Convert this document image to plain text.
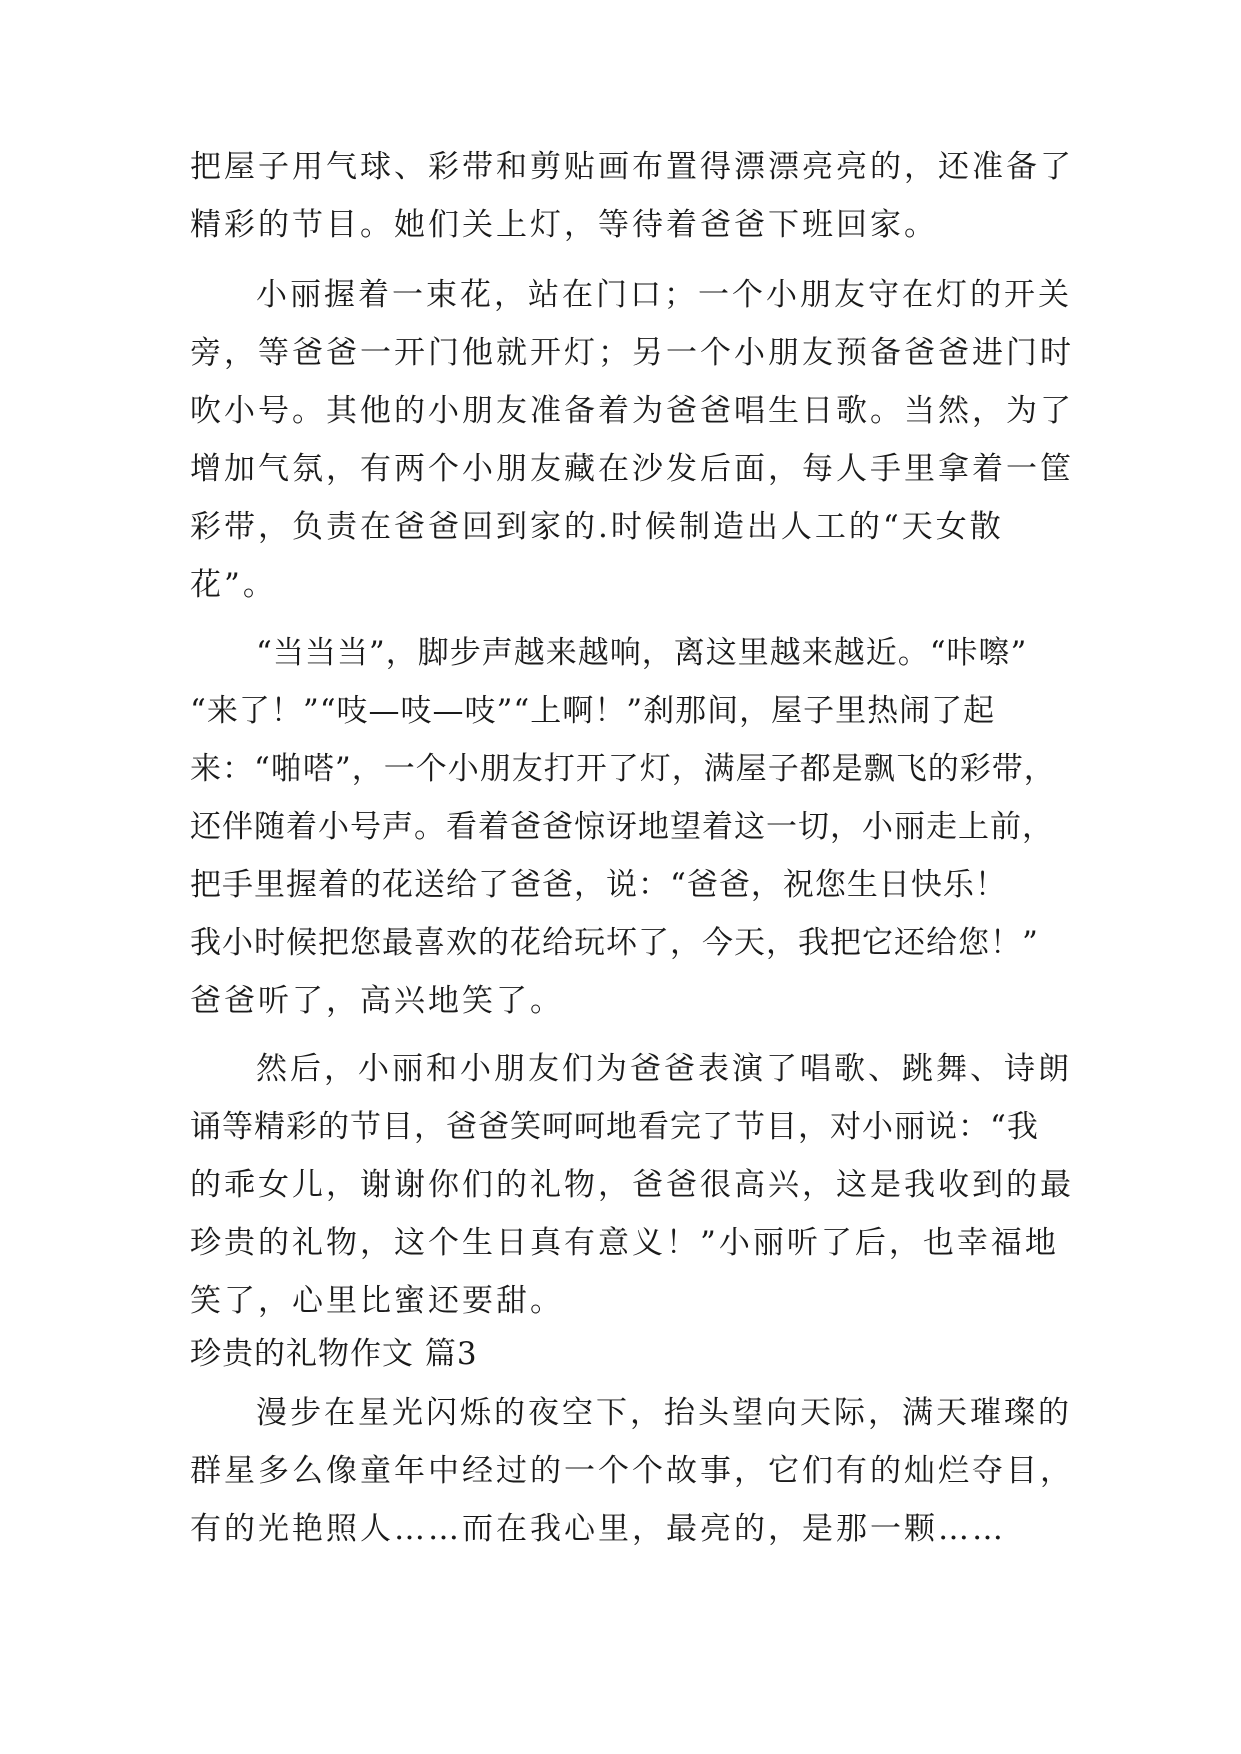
把屋子用气球、彩带和剪贴画布置得漂漂亮亮的，还准备了
精彩的节目。她们关上灯，等待着爸爸下班回家。
小丽握着一束花，站在门口；一个小朋友守在灯的开关
旁，等爸爸一开门他就开灯；另一个小朋友预备爸爸进门时
吹小号。其他的小朋友准备着为爸爸唱生日歌。当然，为了
增加气氛，有两个小朋友藏在沙发后面，每人手里拿着一筐
彩带，负责在爸爸回到家的.时候制造出人工的“天女散
花”。
“当当当”，脚步声越来越响，离这里越来越近。“咔嚓”
“来了！”“吱—吱—吱”“上啊！”刹那间，屋子里热闹了起
来：“啪嗒”，一个小朋友打开了灯，满屋子都是飘飞的彩带，
还伴随着小号声。看着爸爸惊讶地望着这一切，小丽走上前，
把手里握着的花送给了爸爸，说：“爸爸，祝您生日快乐！
我小时候把您最喜欢的花给玩坏了，今天，我把它还给您！”
爸爸听了，高兴地笑了。
然后，小丽和小朋友们为爸爸表演了唱歌、跳舞、诗朗
诵等精彩的节目，爸爸笑呵呵地看完了节目，对小丽说：“我
的乖女儿，谢谢你们的礼物，爸爸很高兴，这是我收到的最
珍贵的礼物，这个生日真有意义！”小丽听了后，也幸福地
笑了，心里比蜜还要甜。
珍贵的礼物作文 篇3
漫步在星光闪烁的夜空下，抬头望向天际，满天璀璨的
群星多么像童年中经过的一个个故事，它们有的灿烂夺目，
有的光艳照人……而在我心里，最亮的，是那一颗……
